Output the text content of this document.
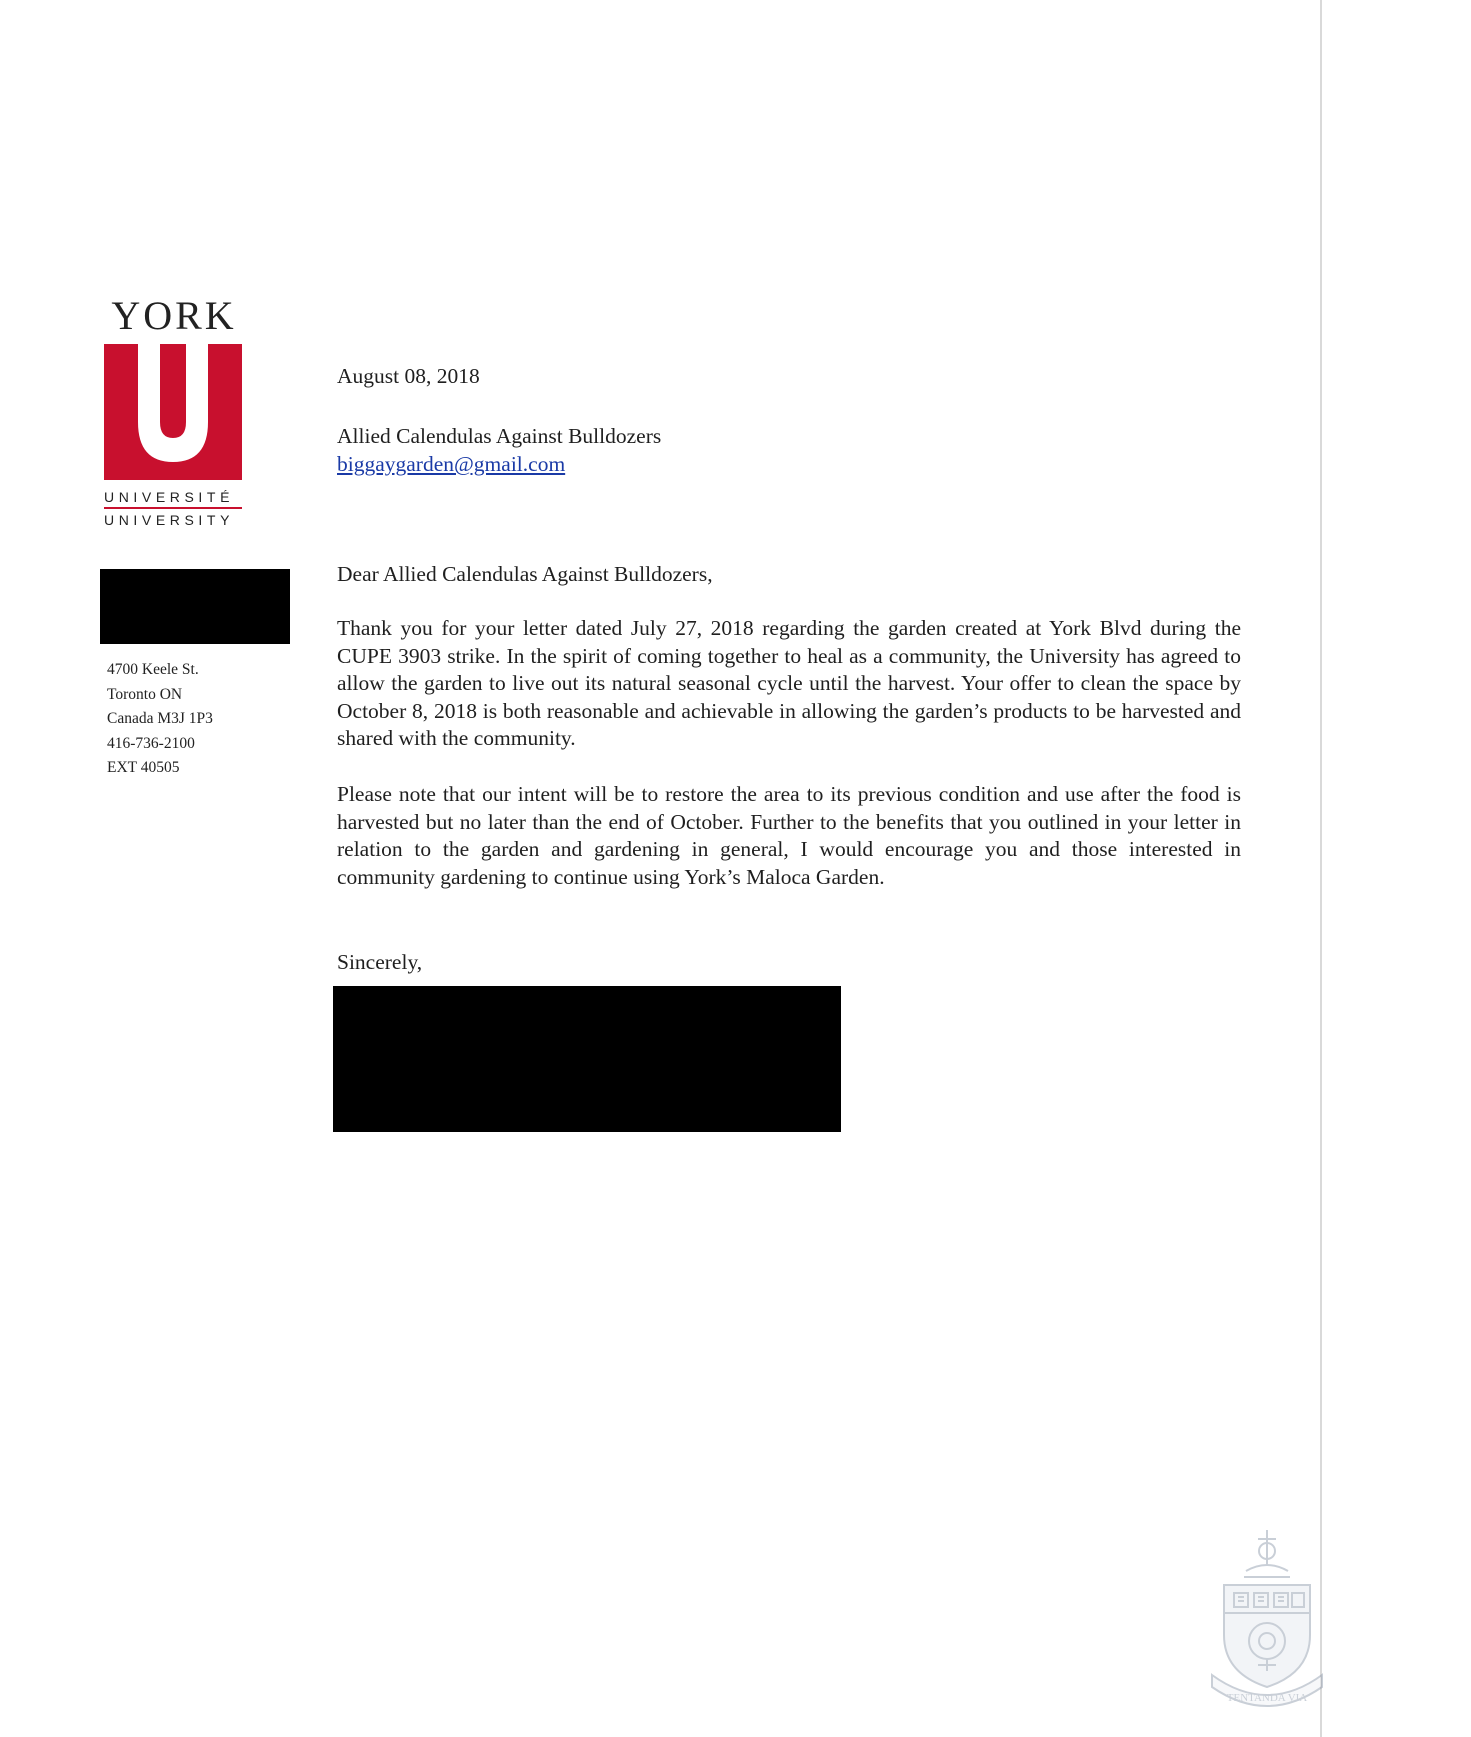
YORK
UNIVERSITÉ
UNIVERSITY
4700 Keele St.
Toronto ON
Canada M3J 1P3
416-736-2100
EXT 40505
August 08, 2018
Allied Calendulas Against Bulldozers
biggaygarden@gmail.com
Dear Allied Calendulas Against Bulldozers,
Thank you for your letter dated July 27, 2018 regarding the garden created at York Blvd during the CUPE 3903 strike. In the spirit of coming together to heal as a community, the University has agreed to allow the garden to live out its natural seasonal cycle until the harvest. Your offer to clean the space by October 8, 2018 is both reasonable and achievable in allowing the garden’s products to be harvested and shared with the community.
Please note that our intent will be to restore the area to its previous condition and use after the food is harvested but no later than the end of October. Further to the benefits that you outlined in your letter in relation to the garden and gardening in general, I would encourage you and those interested in community gardening to continue using York’s Maloca Garden.
Sincerely,
TENTANDA VIA
